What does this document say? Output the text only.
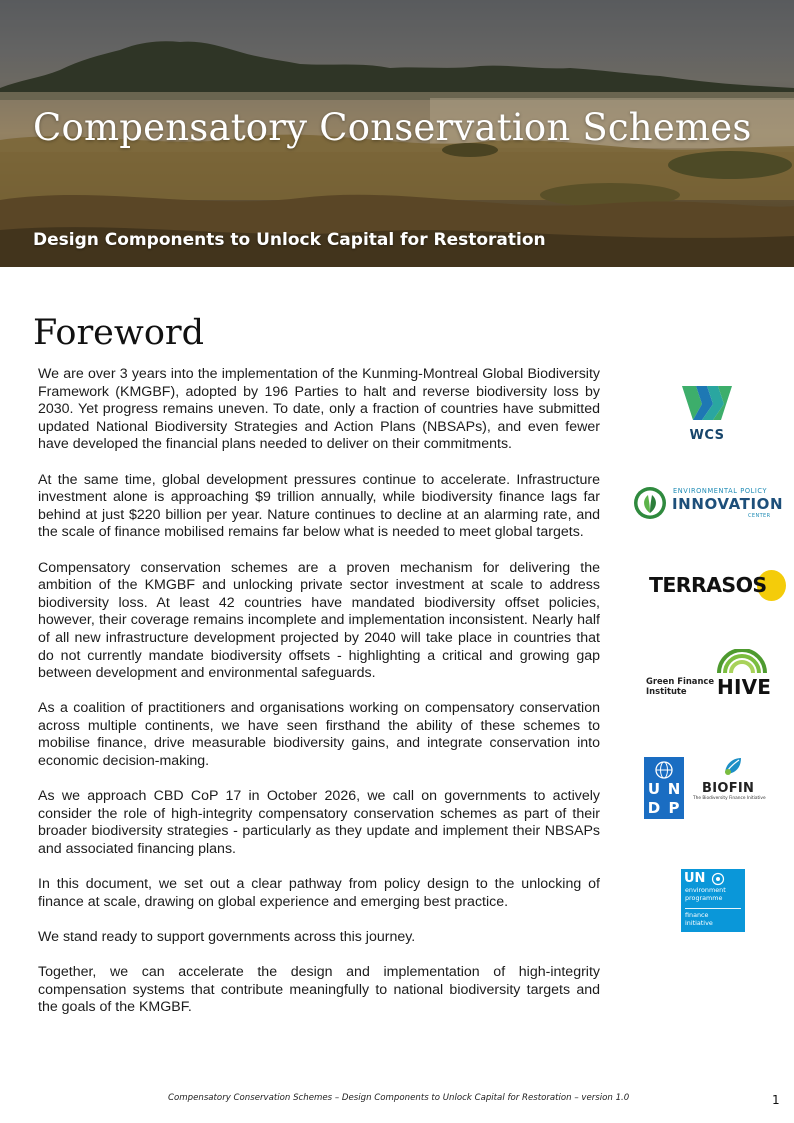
Compensatory Conservation Schemes
Design Components to Unlock Capital for Restoration
Foreword

We are over 3 years into the implementation of the Kunming-Montreal Global Biodiversity Framework (KMGBF), adopted by 196 Parties to halt and reverse biodiversity loss by 2030. Yet progress remains uneven. To date, only a fraction of countries have submitted updated National Biodiversity Strategies and Action Plans (NBSAPs), and even fewer have developed the financial plans needed to deliver on their commitments.

At the same time, global development pressures continue to accelerate. Infrastructure investment alone is approaching $9 trillion annually, while biodiversity finance lags far behind at just $220 billion per year. Nature continues to decline at an alarming rate, and the scale of finance mobilised remains far below what is needed to meet global targets.

Compensatory conservation schemes are a proven mechanism for delivering the ambition of the KMGBF and unlocking private sector investment at scale to address biodiversity loss. At least 42 countries have mandated biodiversity offset policies, however, their coverage remains incomplete and implementation inconsistent. Nearly half of all new infrastructure development projected by 2040 will take place in countries that do not currently mandate biodiversity offsets - highlighting a critical and growing gap between development and environmental safeguards.

As a coalition of practitioners and organisations working on compensatory conservation across multiple continents, we have seen firsthand the ability of these schemes to mobilise finance, drive measurable biodiversity gains, and integrate conservation into economic decision-making.

As we approach CBD CoP 17 in October 2026, we call on governments to actively consider the role of high-integrity compensatory conservation schemes as part of their broader biodiversity strategies - particularly as they update and implement their NBSAPs and associated financing plans.

In this document, we set out a clear pathway from policy design to the unlocking of finance at scale, drawing on global experience and emerging best practice.

We stand ready to support governments across this journey.

Together, we can accelerate the design and implementation of high-integrity compensation systems that contribute meaningfully to national biodiversity targets and the goals of the KMGBF.

WCS
ENVIRONMENTAL POLICY
INNOVATION
CENTER
TERRASOS
Green Finance
Institute HIVE
U N
D P
BIOFIN
The Biodiversity Finance Initiative
UN
environment
programme
finance
initiative
Compensatory Conservation Schemes – Design Components to Unlock Capital for Restoration – version 1.0	1
